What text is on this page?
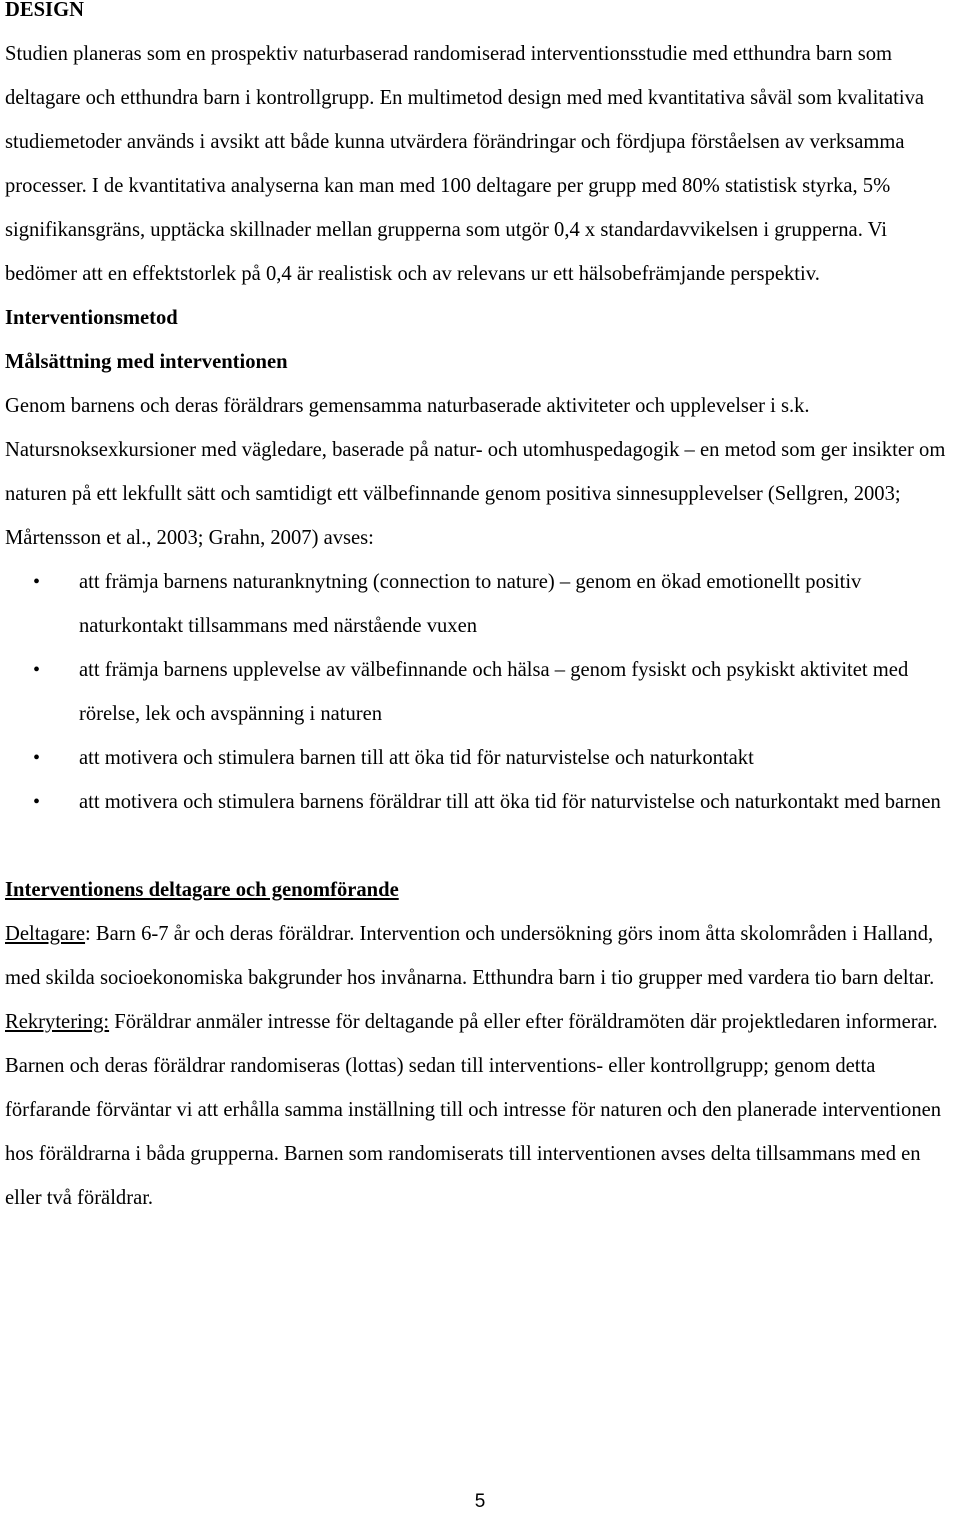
DESIGN

Studien planeras som en prospektiv naturbaserad randomiserad interventionsstudie med etthundra barn som deltagare och etthundra barn i kontrollgrupp. En multimetod design med med kvantitativa såväl som kvalitativa studiemetoder används i avsikt att både kunna utvärdera förändringar och fördjupa förståelsen av verksamma processer. I de kvantitativa analyserna kan man med 100 deltagare per grupp med 80% statistisk styrka, 5% signifikansgräns, upptäcka skillnader mellan grupperna som utgör 0,4 x standardavvikelsen i grupperna. Vi bedömer att en effektstorlek på 0,4 är realistisk och av relevans ur ett hälsobefrämjande perspektiv.

Interventionsmetod

Målsättning med interventionen

Genom barnens och deras föräldrars gemensamma naturbaserade aktiviteter och upplevelser i s.k. Natursnoksexkursioner med vägledare, baserade på natur- och utomhuspedagogik – en metod som ger insikter om naturen på ett lekfullt sätt och samtidigt ett välbefinnande genom positiva sinnesupplevelser (Sellgren, 2003; Mårtensson et al., 2003; Grahn, 2007) avses:

• att främja barnens naturanknytning (connection to nature) – genom en ökad emotionellt positiv naturkontakt tillsammans med närstående vuxen
• att främja barnens upplevelse av välbefinnande och hälsa – genom fysiskt och psykiskt aktivitet med rörelse, lek och avspänning i naturen
• att motivera och stimulera barnen till att öka tid för naturvistelse och naturkontakt
• att motivera och stimulera barnens föräldrar till att öka tid för naturvistelse och naturkontakt med barnen

Interventionens deltagare och genomförande

Deltagare: Barn 6-7 år och deras föräldrar. Intervention och undersökning görs inom åtta skolområden i Halland, med skilda socioekonomiska bakgrunder hos invånarna. Etthundra barn i tio grupper med vardera tio barn deltar.

Rekrytering: Föräldrar anmäler intresse för deltagande på eller efter föräldramöten där projektledaren informerar. Barnen och deras föräldrar randomiseras (lottas) sedan till interventions- eller kontrollgrupp; genom detta förfarande förväntar vi att erhålla samma inställning till och intresse för naturen och den planerade interventionen hos föräldrarna i båda grupperna. Barnen som randomiserats till interventionen avses delta tillsammans med en eller två föräldrar.

5
